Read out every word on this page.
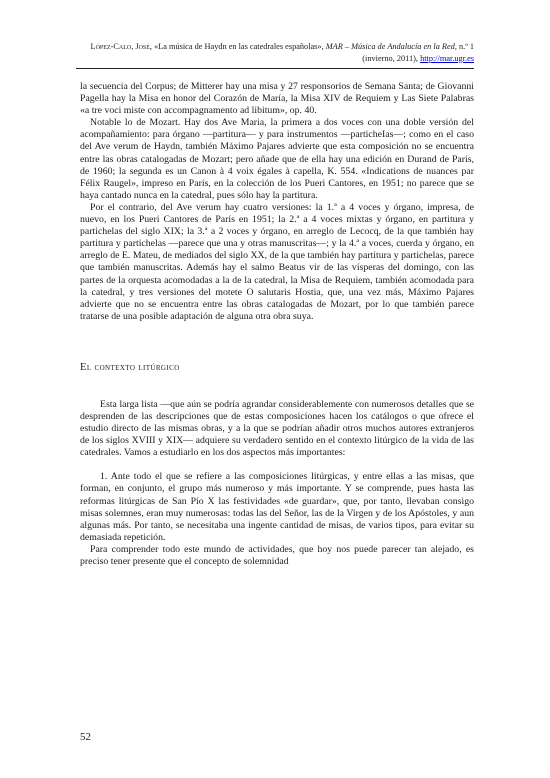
López-Calo, José, «La música de Haydn en las catedrales españolas», MAR – Música de Andalucía en la Red, n.º 1 (invierno, 2011), http://mar.ugr.es

la secuencia del Corpus; de Mitterer hay una misa y 27 responsorios de Semana Santa; de Giovanni Pagella hay la Misa en honor del Corazón de María, la Misa XIV de Requiem y Las Siete Palabras «a tre voci miste con accompagnamento ad libitum», op. 40.

Notable lo de Mozart. Hay dos Ave Maria, la primera a dos voces con una doble versión del acompañamiento: para órgano —partitura— y para instrumentos —particheIas—; como en el caso del Ave verum de Haydn, también Máximo Pajares advierte que esta composición no se encuentra entre las obras catalogadas de Mozart; pero añade que de ella hay una edición en Durand de París, de 1960; la segunda es un Canon à 4 voix égales à capella, K. 554. «Indications de nuances par Félix Raugel», impreso en París, en la colección de los Pueri Cantores, en 1951; no parece que se haya cantado nunca en la catedral, pues sólo hay la partitura.

Por el contrario, del Ave verum hay cuatro versiones: la 1.ª a 4 voces y órgano, impresa, de nuevo, en los Pueri Cantores de París en 1951; la 2.ª a 4 voces mixtas y órgano, en partitura y partichelas del siglo XIX; la 3.ª a 2 voces y órgano, en arreglo de Lecocq, de la que también hay partitura y partichelas —parece que una y otras manuscritas—; y la 4.ª a voces, cuerda y órgano, en arreglo de E. Mateu, de mediados del siglo XX, de la que también hay partitura y partichelas, parece que también manuscritas. Además hay el salmo Beatus vir de las vísperas del domingo, con las partes de la orquesta acomodadas a la de la catedral, la Misa de Requiem, también acomodada para la catedral, y tres versiones del motete O salutaris Hostia, que, una vez más, Máximo Pajares advierte que no se encuentra entre las obras catalogadas de Mozart, por lo que también parece tratarse de una posible adaptación de alguna otra obra suya.

El contexto litúrgico

Esta larga lista —que aún se podría agrandar considerablemente con numerosos detalles que se desprenden de las descripciones que de estas composiciones hacen los catálogos o que ofrece el estudio directo de las mismas obras, y a la que se podrían añadir otros muchos autores extranjeros de los siglos XVIII y XIX— adquiere su verdadero sentido en el contexto litúrgico de la vida de las catedrales. Vamos a estudiarlo en los dos aspectos más importantes:

1. Ante todo el que se refiere a las composiciones litúrgicas, y entre ellas a las misas, que forman, en conjunto, el grupo más numeroso y más importante. Y se comprende, pues hasta las reformas litúrgicas de San Pío X las festividades «de guardar», que, por tanto, llevaban consigo misas solemnes, eran muy numerosas: todas las del Señor, las de la Virgen y de los Apóstoles, y aun algunas más. Por tanto, se necesitaba una ingente cantidad de misas, de varios tipos, para evitar su demasiada repetición.

Para comprender todo este mundo de actividades, que hoy nos puede parecer tan alejado, es preciso tener presente que el concepto de solemnidad

52
